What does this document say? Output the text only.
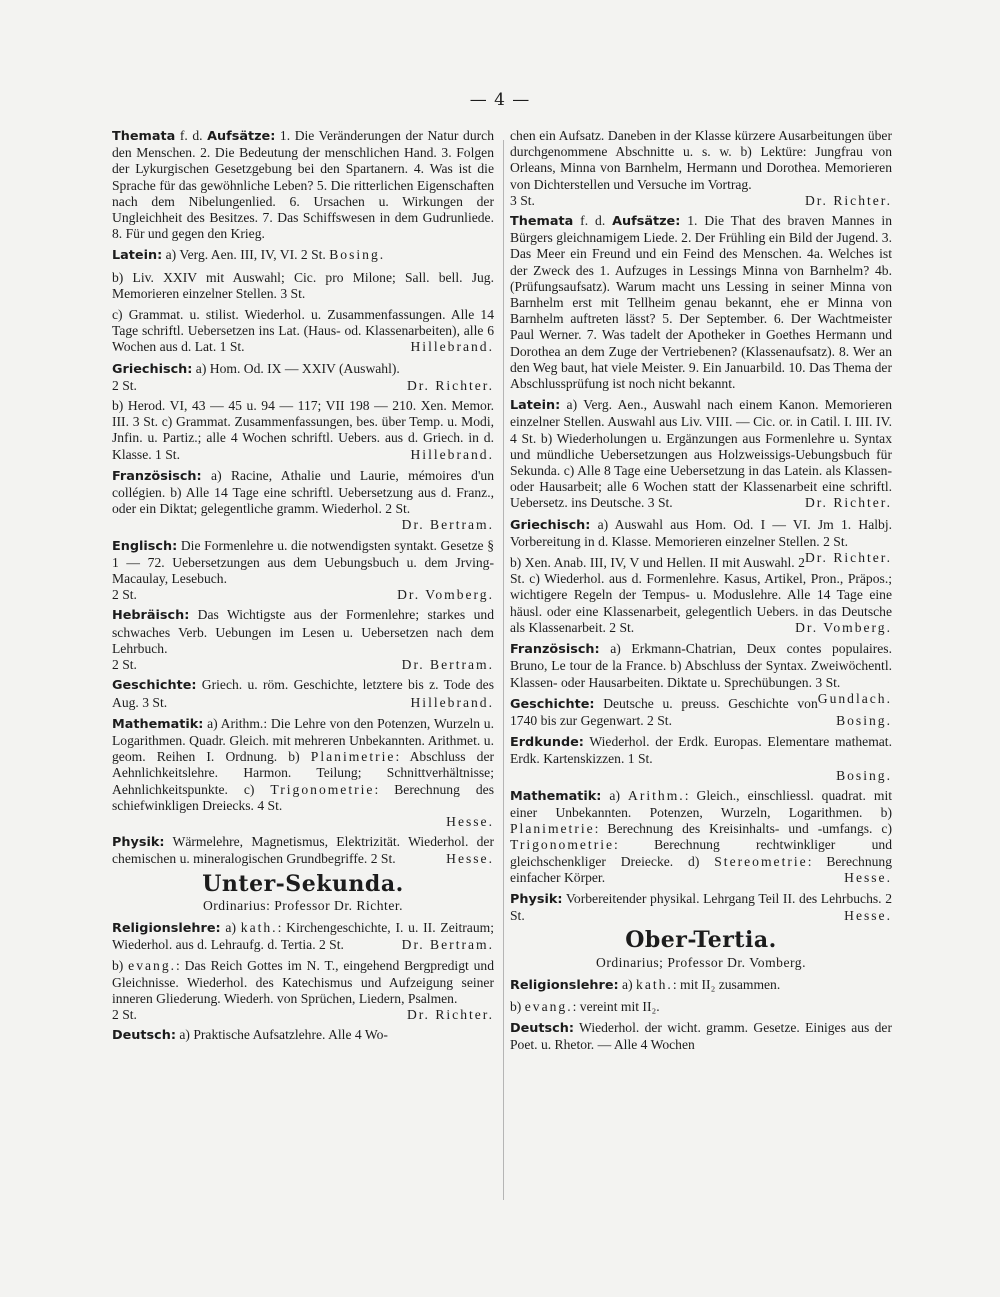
— 4 —

Themata f. d. Aufsätze: 1. Die Veränderungen der Natur durch den Menschen. 2. Die Bedeutung der menschlichen Hand. 3. Folgen der Lykurgischen Gesetzgebung bei den Spartanern. 4. Was ist die Sprache für das gewöhnliche Leben? 5. Die ritterlichen Eigenschaften nach dem Nibelungenlied. 6. Ursachen u. Wirkungen der Ungleichheit des Besitzes. 7. Das Schiffswesen in dem Gudrunliede. 8. Für und gegen den Krieg.

Latein: a) Verg. Aen. III, IV, VI. 2 St. Bosing.

b) Liv. XXIV mit Auswahl; Cic. pro Milone; Sall. bell. Jug. Memorieren einzelner Stellen. 3 St.

c) Grammat. u. stilist. Wiederhol. u. Zusammenfassungen. Alle 14 Tage schriftl. Uebersetzen ins Lat. (Haus- od. Klassenarbeiten), alle 6 Wochen aus d. Lat. 1 St.	Hillebrand.

Griechisch: a) Hom. Od. IX — XXIV (Auswahl).

2 St.	Dr. Richter.

b) Herod. VI, 43 — 45 u. 94 — 117; VII 198 — 210. Xen. Memor. III. 3 St. c) Grammat. Zusammenfassungen, bes. über Temp. u. Modi, Jnfin. u. Partiz.; alle 4 Wochen schriftl. Uebers. aus d. Griech. in d. Klasse. 1 St.	Hillebrand.

Französisch: a) Racine, Athalie und Laurie, mémoires d'un collégien. b) Alle 14 Tage eine schriftl. Uebersetzung aus d. Franz., oder ein Diktat; gelegentliche gramm. Wiederhol. 2 St.

Dr. Bertram.

Englisch: Die Formenlehre u. die notwendigsten syntakt. Gesetze § 1 — 72. Uebersetzungen aus dem Uebungsbuch u. dem Jrving-Macaulay, Lesebuch.

2 St.	Dr. Vomberg.

Hebräisch: Das Wichtigste aus der Formenlehre; starkes und schwaches Verb. Uebungen im Lesen u. Uebersetzen nach dem Lehrbuch.

2 St.	Dr. Bertram.

Geschichte: Griech. u. röm. Geschichte, letztere bis z. Tode des Aug. 3 St.	Hillebrand.

Mathematik: a) Arithm.: Die Lehre von den Potenzen, Wurzeln u. Logarithmen. Quadr. Gleich. mit mehreren Unbekannten. Arithmet. u. geom. Reihen I. Ordnung. b) Planimetrie: Abschluss der Aehnlichkeitslehre. Harmon. Teilung; Schnittverhältnisse; Aehnlichkeitspunkte. c) Trigonometrie: Berechnung des schiefwinkligen Dreiecks. 4 St.

Hesse.

Physik: Wärmelehre, Magnetismus, Elektrizität. Wiederhol. der chemischen u. mineralogischen Grundbegriffe. 2 St.	Hesse.

Unter-Sekunda.
Ordinarius: Professor Dr. Richter.

Religionslehre: a) kath.: Kirchengeschichte, I. u. II. Zeitraum; Wiederhol. aus d. Lehraufg. d. Tertia. 2 St.	Dr. Bertram.

b) evang.: Das Reich Gottes im N. T., eingehend Bergpredigt und Gleichnisse. Wiederhol. des Katechismus und Aufzeigung seiner inneren Gliederung. Wiederh. von Sprüchen, Liedern, Psalmen.

2 St.	Dr. Richter.

Deutsch: a) Praktische Aufsatzlehre. Alle 4 Wo-

chen ein Aufsatz. Daneben in der Klasse kürzere Ausarbeitungen über durchgenommene Abschnitte u. s. w. b) Lektüre: Jungfrau von Orleans, Minna von Barnhelm, Hermann und Dorothea. Memorieren von Dichterstellen und Versuche im Vortrag.

3 St.	Dr. Richter.

Themata f. d. Aufsätze: 1. Die That des braven Mannes in Bürgers gleichnamigem Liede. 2. Der Frühling ein Bild der Jugend. 3. Das Meer ein Freund und ein Feind des Menschen. 4a. Welches ist der Zweck des 1. Aufzuges in Lessings Minna von Barnhelm? 4b. (Prüfungsaufsatz). Warum macht uns Lessing in seiner Minna von Barnhelm erst mit Tellheim genau bekannt, ehe er Minna von Barnhelm auftreten lässt? 5. Der September. 6. Der Wachtmeister Paul Werner. 7. Was tadelt der Apotheker in Goethes Hermann und Dorothea an dem Zuge der Vertriebenen? (Klassenaufsatz). 8. Wer an den Weg baut, hat viele Meister. 9. Ein Januarbild. 10. Das Thema der Abschlussprüfung ist noch nicht bekannt.

Latein: a) Verg. Aen., Auswahl nach einem Kanon. Memorieren einzelner Stellen. Auswahl aus Liv. VIII. — Cic. or. in Catil. I. III. IV. 4 St. b) Wiederholungen u. Ergänzungen aus Formenlehre u. Syntax und mündliche Uebersetzungen aus Holzweissigs-Uebungsbuch für Sekunda. c) Alle 8 Tage eine Uebersetzung in das Latein. als Klassen- oder Hausarbeit; alle 6 Wochen statt der Klassenarbeit eine schriftl. Uebersetz. ins Deutsche. 3 St.	Dr. Richter.

Griechisch: a) Auswahl aus Hom. Od. I — VI. Jm 1. Halbj. Vorbereitung in d. Klasse. Memorieren einzelner Stellen. 2 St.
Dr. Richter.

b) Xen. Anab. III, IV, V und Hellen. II mit Auswahl. 2 St. c) Wiederhol. aus d. Formenlehre. Kasus, Artikel, Pron., Präpos.; wichtigere Regeln der Tempus- u. Moduslehre. Alle 14 Tage eine häusl. oder eine Klassenarbeit, gelegentlich Uebers. in das Deutsche als Klassenarbeit. 2 St.	Dr. Vomberg.

Französisch: a) Erkmann-Chatrian, Deux contes populaires. Bruno, Le tour de la France. b) Abschluss der Syntax. Zweiwöchentl. Klassen- oder Hausarbeiten. Diktate u. Sprechübungen. 3 St.
Gundlach.

Geschichte: Deutsche u. preuss. Geschichte von 1740 bis zur Gegenwart. 2 St.	Bosing.

Erdkunde: Wiederhol. der Erdk. Europas. Elementare mathemat. Erdk. Kartenskizzen. 1 St.

Bosing.

Mathematik: a) Arithm.: Gleich., einschliessl. quadrat. mit einer Unbekannten. Potenzen, Wurzeln, Logarithmen. b) Planimetrie: Berechnung des Kreisinhalts- und -umfangs. c) Trigonometrie: Berechnung rechtwinkliger und gleichschenkliger Dreiecke. d) Stereometrie: Berechnung einfacher Körper.	Hesse.

Physik: Vorbereitender physikal. Lehrgang Teil II. des Lehrbuchs. 2 St.	Hesse.

Ober-Tertia.
Ordinarius; Professor Dr. Vomberg.

Religionslehre: a) kath.: mit II₂ zusammen.

b) evang.: vereint mit II₂.

Deutsch: Wiederhol. der wicht. gramm. Gesetze. Einiges aus der Poet. u. Rhetor. — Alle 4 Wochen
